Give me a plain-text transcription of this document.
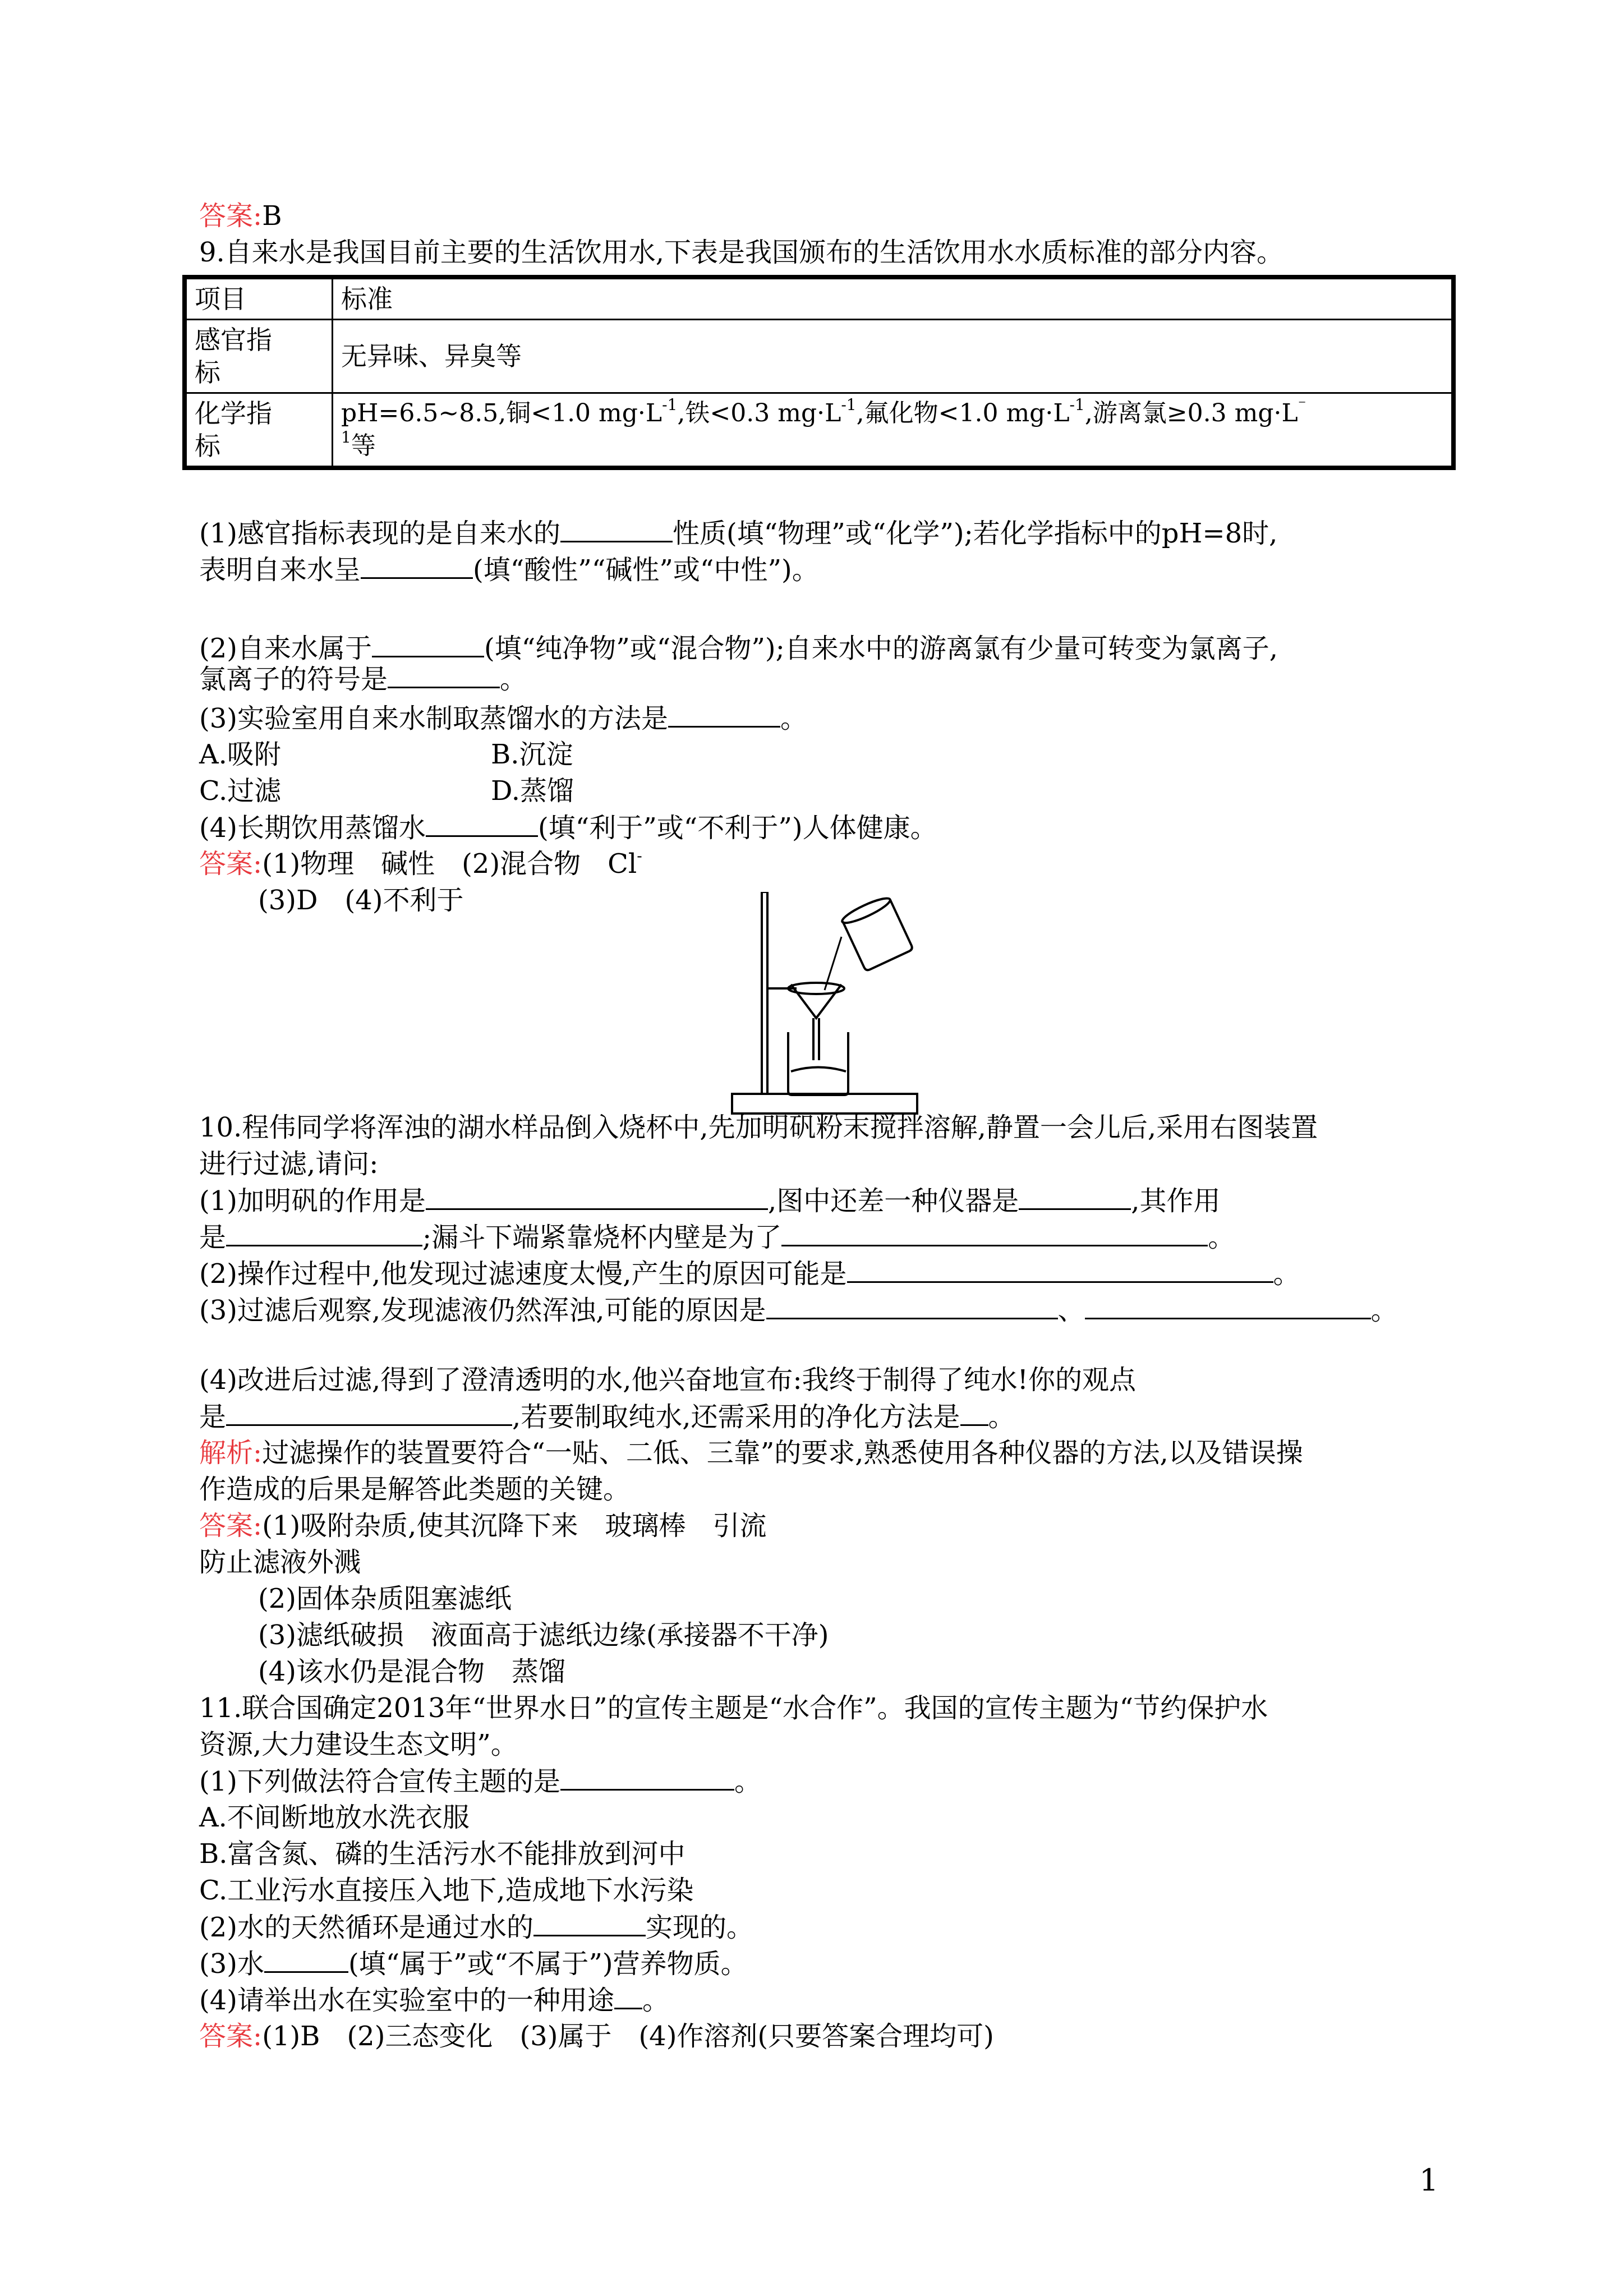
答案:B
9.自来水是我国目前主要的生活饮用水,下表是我国颁布的生活饮用水水质标准的部分内容。
项目	标准
感官指
标	无异味、异臭等
化学指
标	pH=6.5~8.5,铜<1.0 $mg\cdot L^{-1}$,铁<0.3 $mg\cdot L^{-1}$,氟化物<1.0 $mg\cdot L^{-1}$,游离氯≥0.3 mg·L⁻
$^1$等
(1)感官指标表现的是自来水的	性质(填“物理”或“化学”);若化学指标中的pH=8时,
表明自来水呈	(填“酸性”“碱性”或“中性”)。
(2)自来水属于	(填“纯净物”或“混合物”);自来水中的游离氯有少量可转变为氯离子,
氯离子的符号是	。
(3)实验室用自来水制取蒸馏水的方法是	。
A.吸附	B.沉淀
C.过滤	D.蒸馏
(4)长期饮用蒸馏水	(填“利于”或“不利于”)人体健康。
答案:(1)物理　碱性　(2)混合物　Cl-
(3)D　(4)不利于
10.程伟同学将浑浊的湖水样品倒入烧杯中,先加明矾粉末搅拌溶解,静置一会儿后,采用右图装置
进行过滤,请问:
(1)加明矾的作用是	,图中还差一种仪器是	,其作用
是	;漏斗下端紧靠烧杯内壁是为了	。
(2)操作过程中,他发现过滤速度太慢,产生的原因可能是	。
(3)过滤后观察,发现滤液仍然浑浊,可能的原因是	、	。
(4)改进后过滤,得到了澄清透明的水,他兴奋地宣布:我终于制得了纯水!你的观点
是	,若要制取纯水,还需采用的净化方法是 。
解析:过滤操作的装置要符合“一贴、二低、三靠”的要求,熟悉使用各种仪器的方法,以及错误操
作造成的后果是解答此类题的关键。
答案:(1)吸附杂质,使其沉降下来　玻璃棒　引流
防止滤液外溅
(2)固体杂质阻塞滤纸
(3)滤纸破损　液面高于滤纸边缘(承接器不干净)
(4)该水仍是混合物　蒸馏
11.联合国确定2013年“世界水日”的宣传主题是“水合作”。我国的宣传主题为“节约保护水
资源,大力建设生态文明”。
(1)下列做法符合宣传主题的是	。
A.不间断地放水洗衣服
B.富含氮、磷的生活污水不能排放到河中
C.工业污水直接压入地下,造成地下水污染
(2)水的天然循环是通过水的	实现的。
(3)水	(填“属于”或“不属于”)营养物质。
(4)请举出水在实验室中的一种用途 。
答案:(1)B　(2)三态变化　(3)属于　(4)作溶剂(只要答案合理均可)
1
